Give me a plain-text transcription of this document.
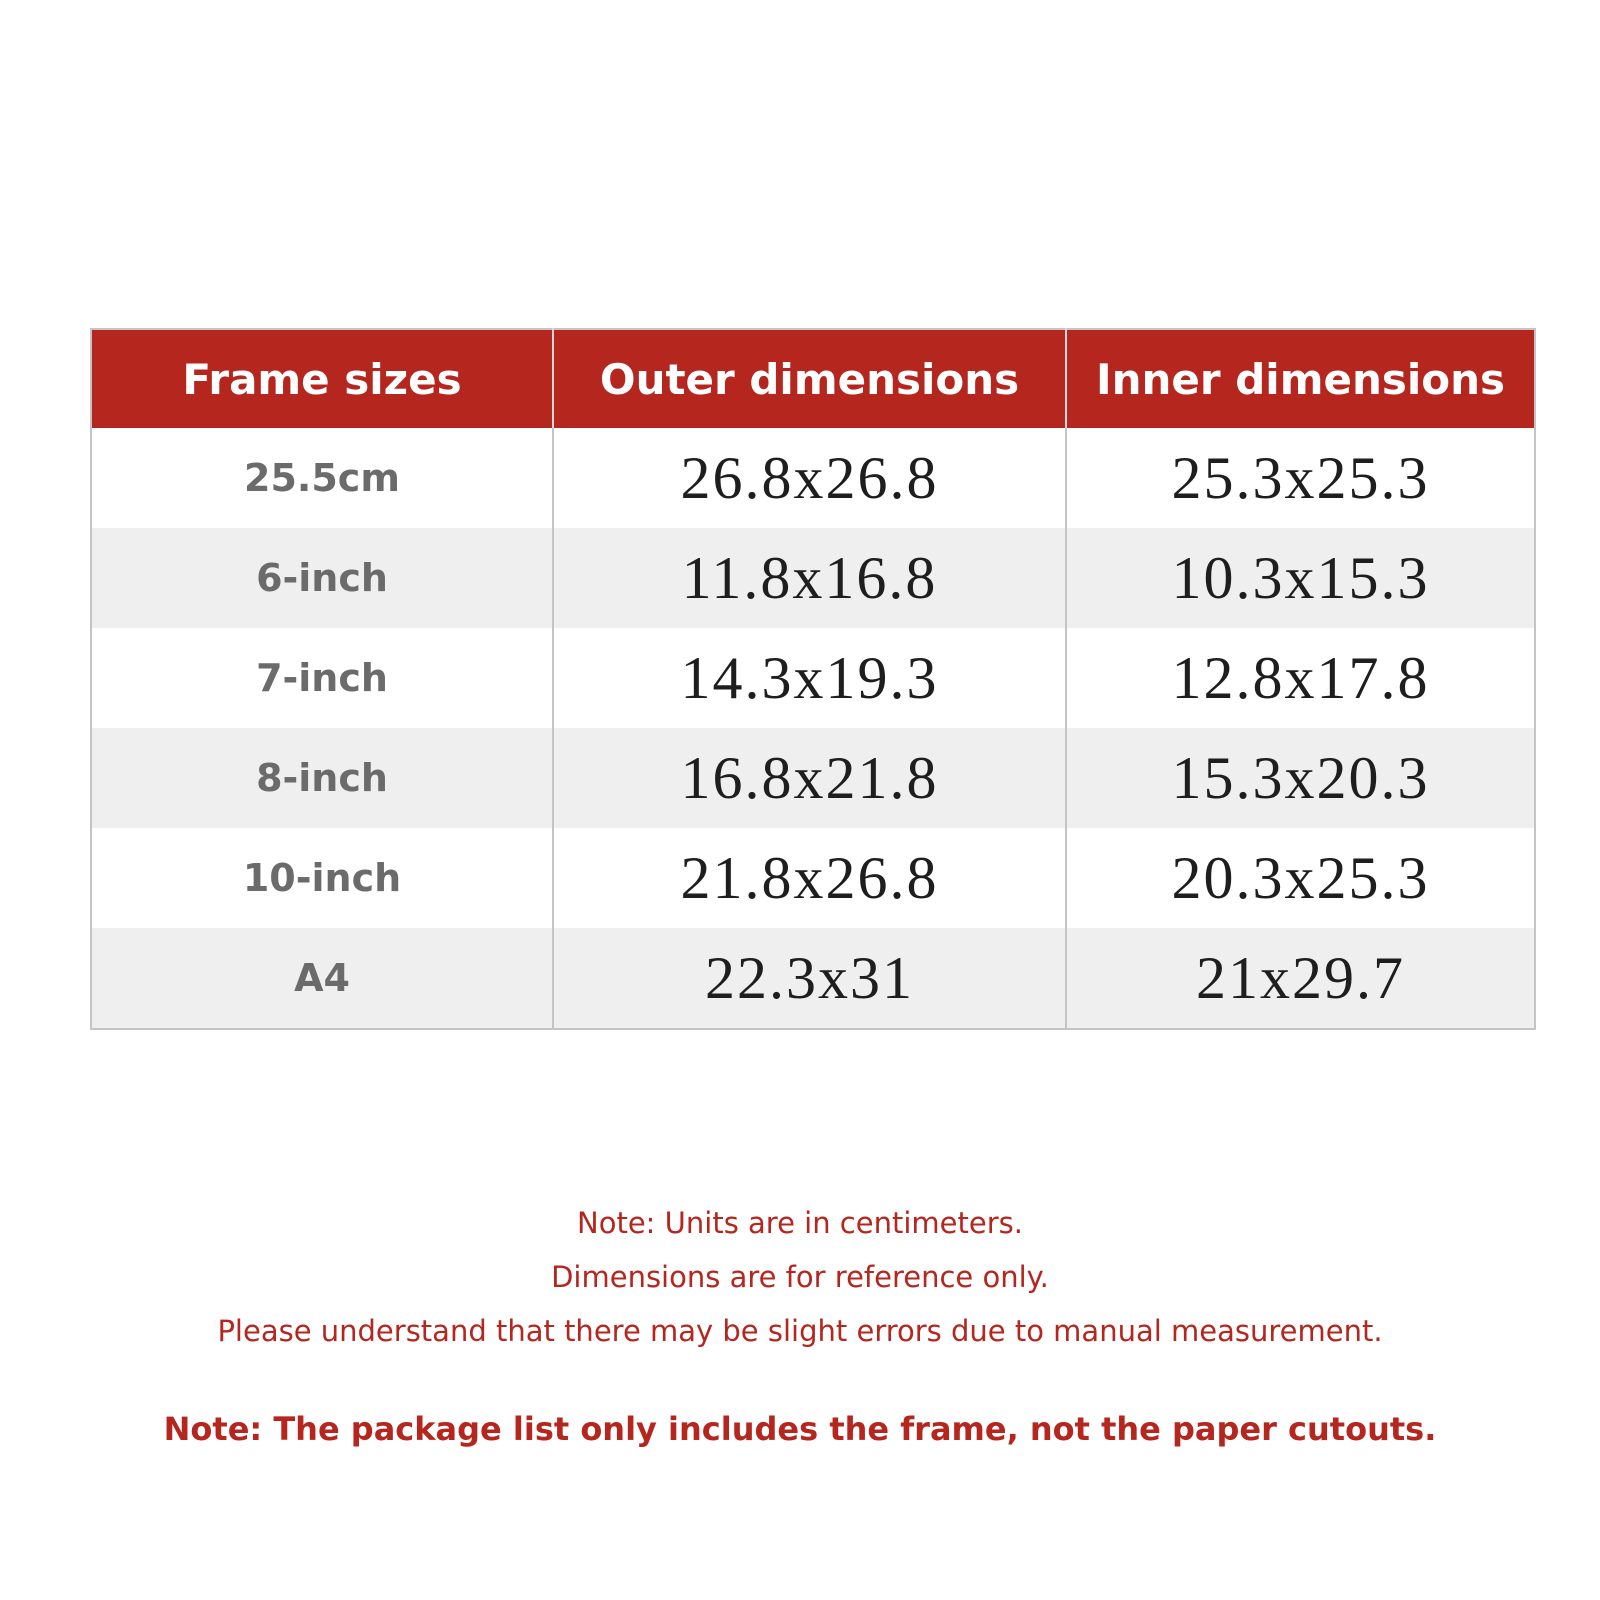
Frame sizes	Outer dimensions	Inner dimensions
25.5cm	26.8x26.8	25.3x25.3
6-inch	11.8x16.8	10.3x15.3
7-inch	14.3x19.3	12.8x17.8
8-inch	16.8x21.8	15.3x20.3
10-inch	21.8x26.8	20.3x25.3
A4	22.3x31	21x29.7
Note: Units are in centimeters.
Dimensions are for reference only.
Please understand that there may be slight errors due to manual measurement.
Note: The package list only includes the frame, not the paper cutouts.
